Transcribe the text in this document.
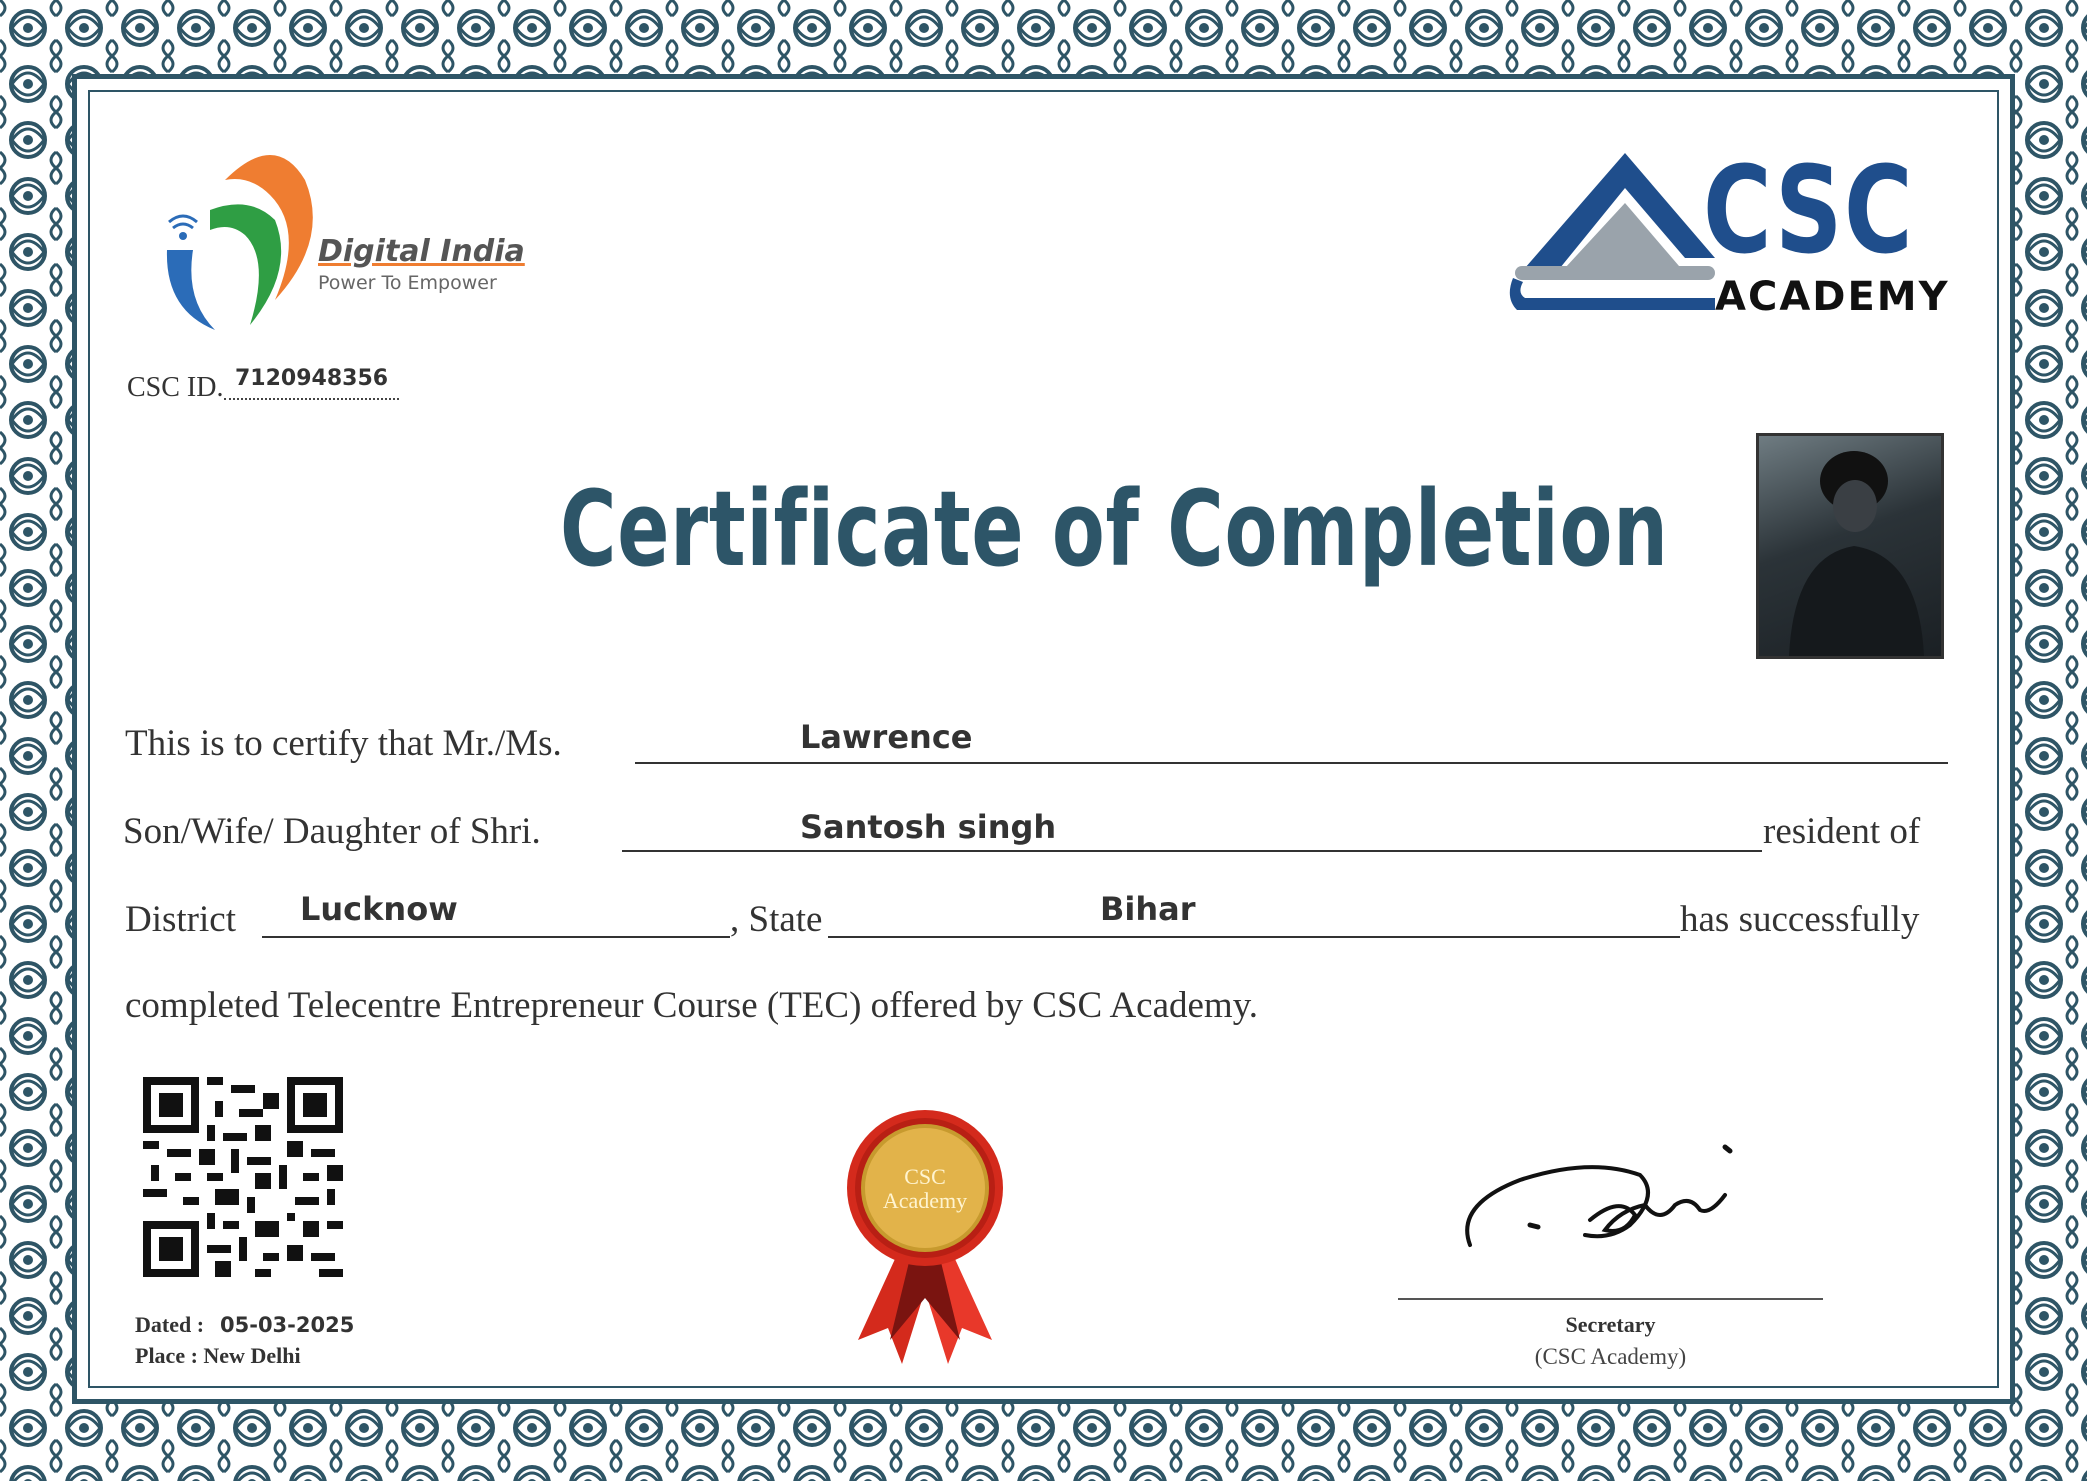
Digital India
Power To Empower
CSC
ACADEMY
CSC ID. 7120948356
Certificate of Completion
This is to certify that Mr./Ms.	Lawrence
Son/Wife/ Daughter of Shri.	Santosh singh	resident of
District Lucknow	, State	Bihar	has successfully
completed Telecentre Entrepreneur Course (TEC) offered by CSC Academy.
Dated : 05-03-2025
Place : New Delhi
CSC
Academy
Secretary
(CSC Academy)
